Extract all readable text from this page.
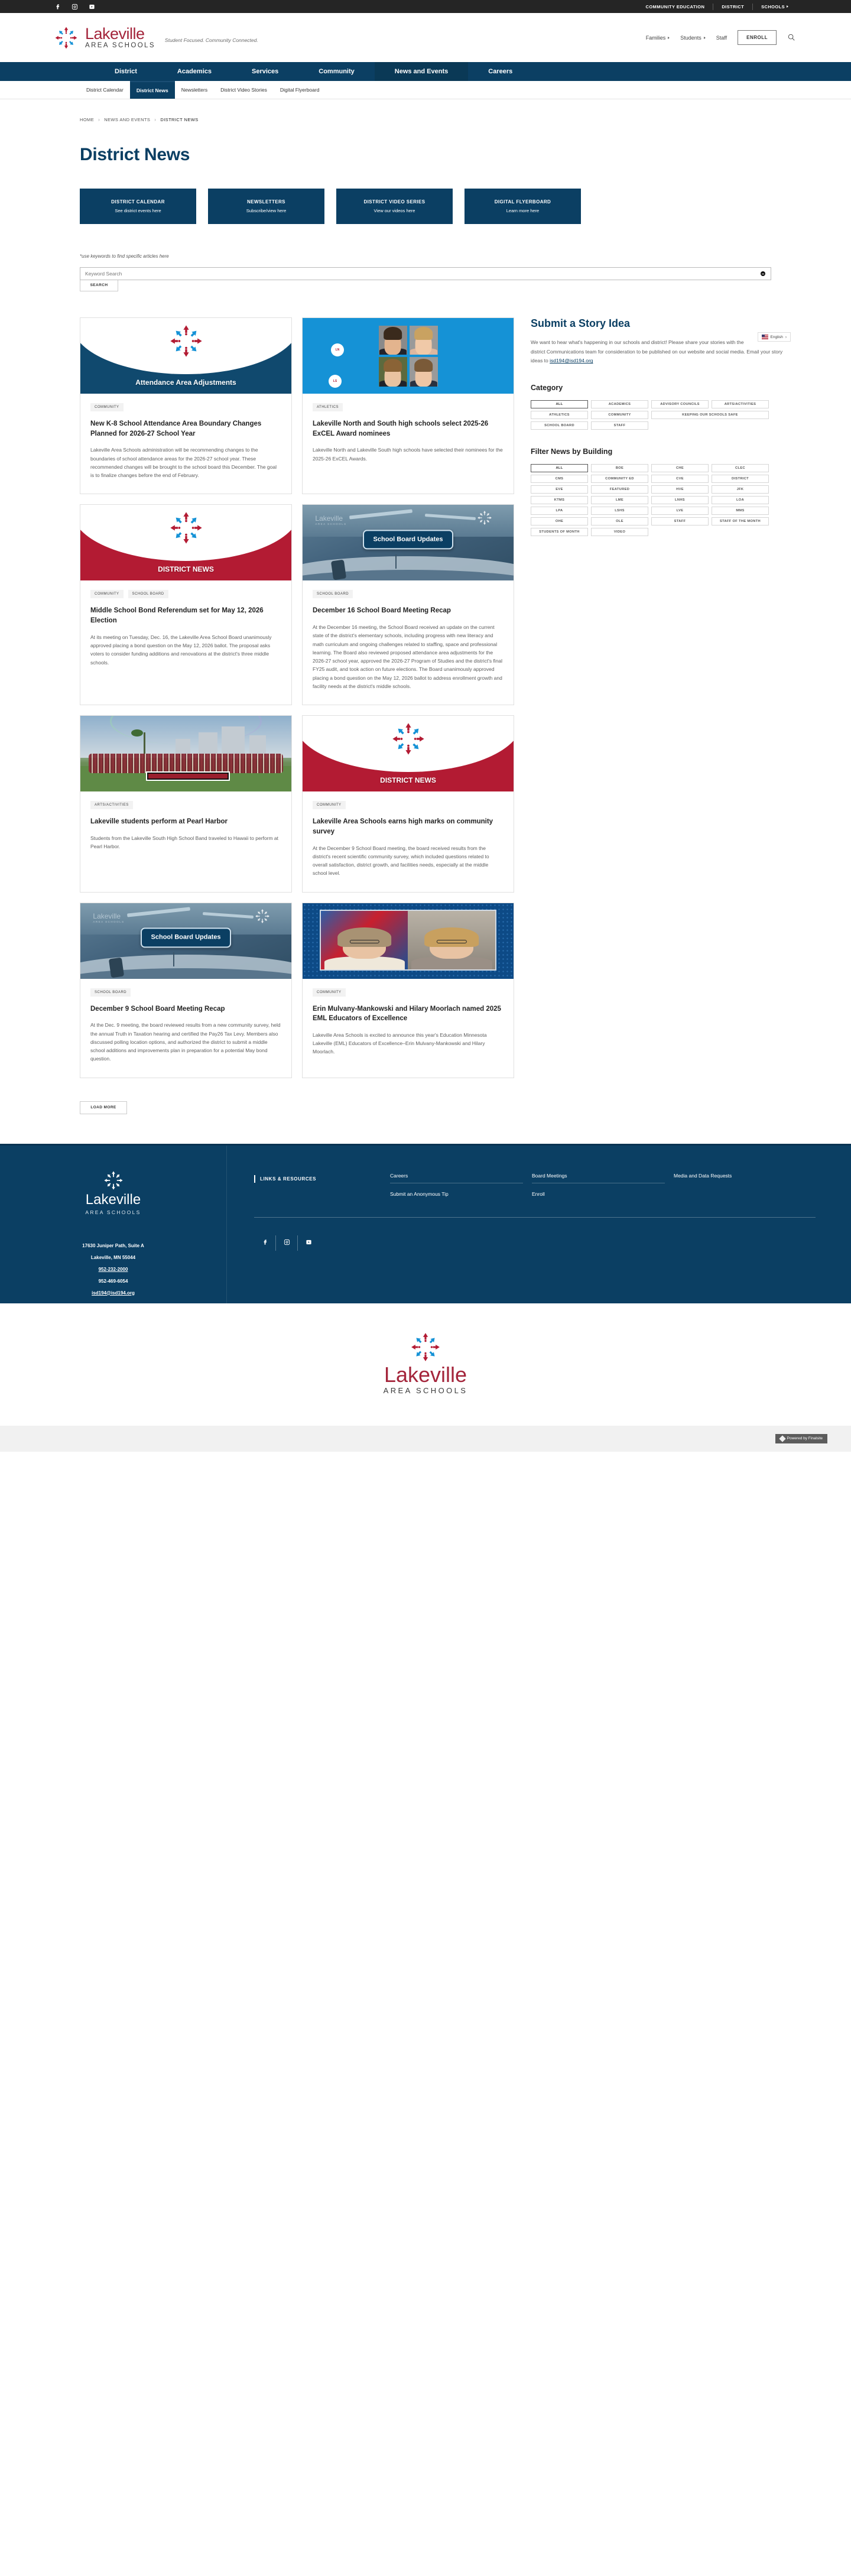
COMMUNITY EDUCATION	DISTRICT	SCHOOLS
Lakeville
AREA SCHOOLS
Student Focused. Community Connected.	Families	Students	Staff	ENROLL
District	Academics	Services	Community	News and Events	Careers
District Calendar	District News	Newsletters	District Video Stories	Digital Flyerboard
HOME › NEWS AND EVENTS › DISTRICT NEWS
District News
DISTRICT CALENDAR
See district events here
NEWSLETTERS
Subscribe/view here
DISTRICT VIDEO SERIES
View our videos here
DIGITAL FLYERBOARD
Learn more here
*use keywords to find specific articles here
Keyword Search
SEARCH
Attendance Area Adjustments
COMMUNITY
New K-8 School Attendance Area Boundary Changes Planned for 2026-27 School Year

Lakeville Area Schools administration will be recommending changes to the boundaries of school attendance areas for the 2026-27 school year. These recommended changes will be brought to the school board this December. The goal is to finalize changes before the end of February.

LN
LS
ATHLETICS
Lakeville North and South high schools select 2025-26 ExCEL Award nominees

Lakeville North and Lakeville South high schools have selected their nominees for the 2025-26 ExCEL Awards.

DISTRICT NEWS
COMMUNITY	SCHOOL BOARD
Middle School Bond Referendum set for May 12, 2026 Election

At its meeting on Tuesday, Dec. 16, the Lakeville Area School Board unanimously approved placing a bond question on the May 12, 2026 ballot. The proposal asks voters to consider funding additions and renovations at the district's three middle schools.

Lakeville
AREA SCHOOLS
School Board Updates
SCHOOL BOARD
December 16 School Board Meeting Recap

At the December 16 meeting, the School Board received an update on the current state of the district's elementary schools, including progress with new literacy and math curriculum and ongoing challenges related to staffing, space and professional learning. The Board also reviewed proposed attendance area adjustments for the 2026-27 school year, approved the 2026-27 Program of Studies and the district's final FY25 audit, and took action on future elections. The Board unanimously approved placing a bond question on the May 12, 2026 ballot to address enrollment growth and facility needs at the district's middle schools.

ARTS/ACTIVITIES
Lakeville students perform at Pearl Harbor

Students from the Lakeville South High School Band traveled to Hawaii to perform at Pearl Harbor.

DISTRICT NEWS
COMMUNITY
Lakeville Area Schools earns high marks on community survey

At the December 9 School Board meeting, the board received results from the district's recent scientific community survey, which included questions related to overall satisfaction, district growth, and facilities needs, especially at the middle school level.

Lakeville
AREA SCHOOLS
School Board Updates
SCHOOL BOARD
December 9 School Board Meeting Recap

At the Dec. 9 meeting, the board reviewed results from a new community survey, held the annual Truth in Taxation hearing and certified the Pay26 Tax Levy. Members also discussed polling location options, and authorized the district to submit a middle school additions and improvements plan in preparation for a potential May bond question.

COMMUNITY
Erin Mulvany-Mankowski and Hilary Moorlach named 2025 EML Educators of Excellence

Lakeville Area Schools is excited to announce this year's Education Minnesota Lakeville (EML) Educators of Excellence–Erin Mulvany-Mankowski and Hilary Moorlach.

LOAD MORE
Submit a Story Idea
English ›

We want to hear what's happening in our schools and district! Please share your stories with the district Communications team for consideration to be published on our website and social media. Email your story ideas to isd194@isd194.org

Category
ALL	ACADEMICS	ADVISORY COUNCILS	ARTS/ACTIVITIES
ATHLETICS	COMMUNITY	KEEPING OUR SCHOOLS SAFE
SCHOOL BOARD	STAFF
Filter News by Building
ALL	BOE	CHE	CLEC
CMS	COMMUNITY ED	CVE	DISTRICT
EVE	FEATURED	HVE	JFK
KTMS	LME	LNHS	LOA
LPA	LSHS	LVE	MMS
OHE	OLE	STAFF	STAFF OF THE MONTH
STUDENTS OF MONTH	VIDEO
Lakeville
AREA SCHOOLS
17630 Juniper Path, Suite A
Lakeville, MN 55044
952-232-2000
952-469-6054
isd194@isd194.org
LINKS & RESOURCES
Careers
Submit an Anonymous Tip
Board Meetings
Enroll
Media and Data Requests
Lakeville
AREA SCHOOLS
Powered by Finalsite
